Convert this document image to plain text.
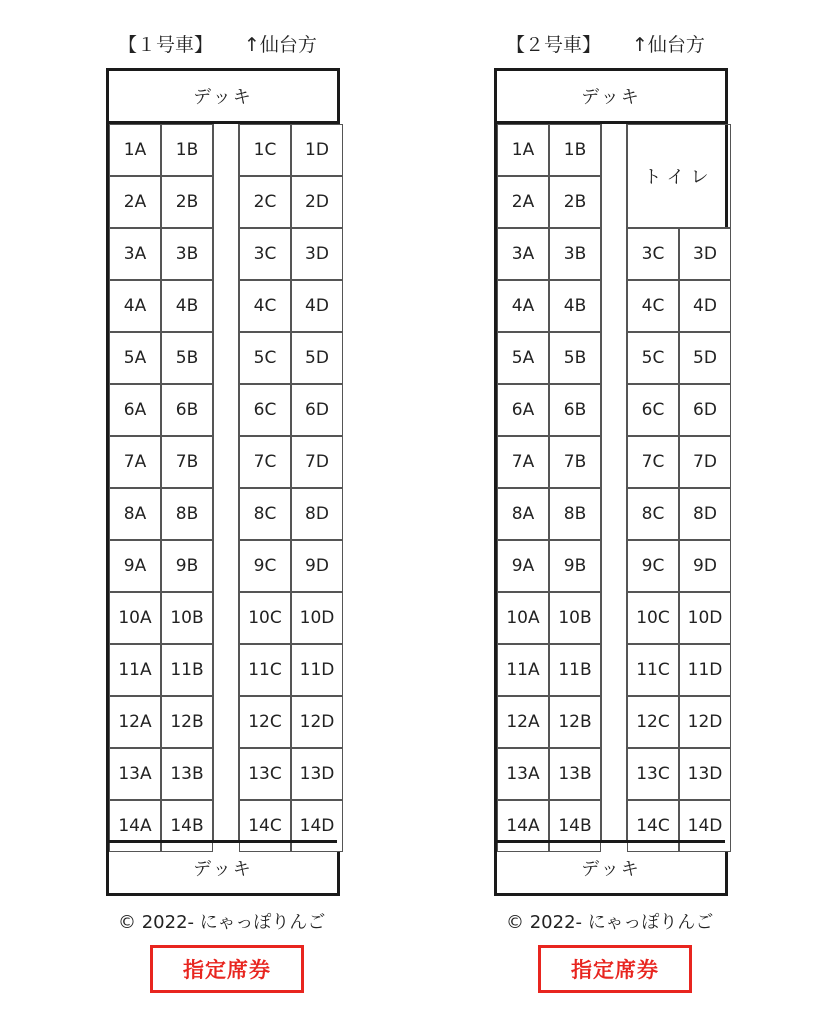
【１号車】 ↑仙台方
デッキ
1A	1B	1C	1D
2A	2B	2C	2D
3A	3B	3C	3D
4A	4B	4C	4D
5A	5B	5C	5D
6A	6B	6C	6D
7A	7B	7C	7D
8A	8B	8C	8D
9A	9B	9C	9D
10A	10B	10C	10D
11A	11B	11C	11D
12A	12B	12C	12D
13A	13B	13C	13D
14A	14B	14C	14D
デッキ
© 2022- にゃっぽりんご
指定席券
【２号車】 ↑仙台方
デッキ
トイレ
1A	1B
2A	2B
3A	3B	3C	3D
4A	4B	4C	4D
5A	5B	5C	5D
6A	6B	6C	6D
7A	7B	7C	7D
8A	8B	8C	8D
9A	9B	9C	9D
10A	10B	10C	10D
11A	11B	11C	11D
12A	12B	12C	12D
13A	13B	13C	13D
14A	14B	14C	14D
デッキ
© 2022- にゃっぽりんご
指定席券
